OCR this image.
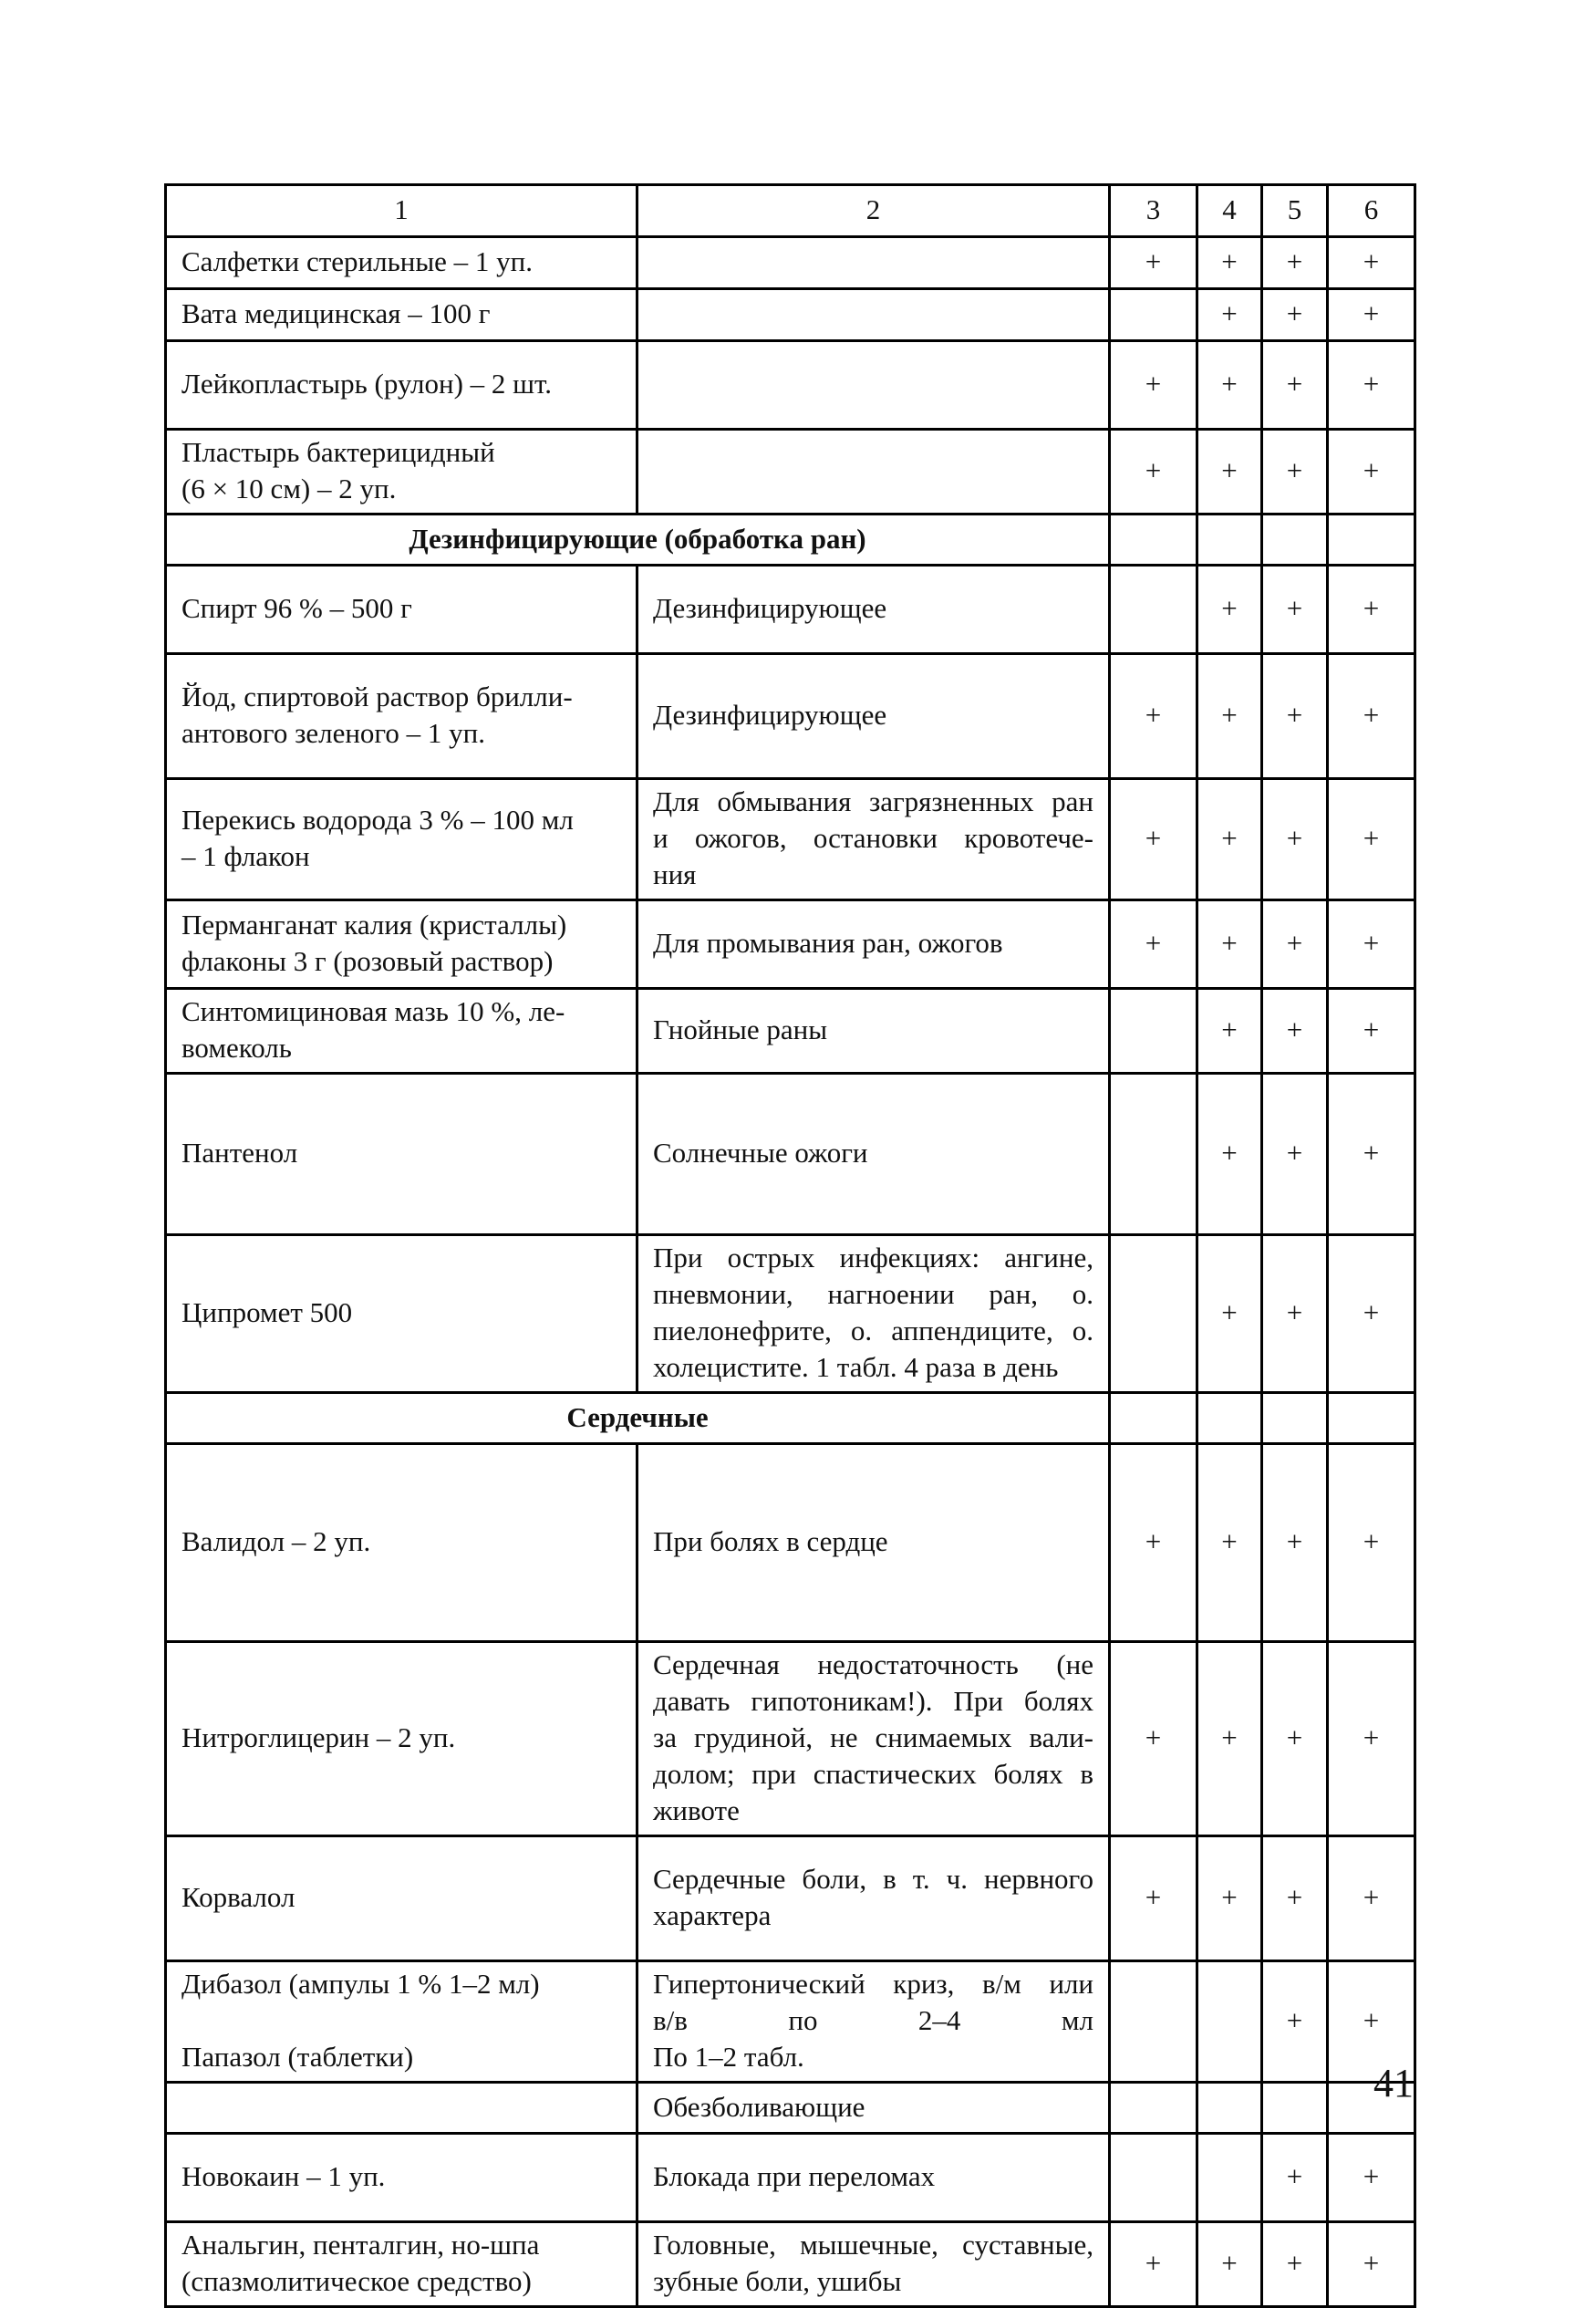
1	2	3	4	5	6

Салфетки стерильные – 1 уп.		+	+	+	+

Вата медицинская – 100 г			+	+	+

Лейкопластырь (рулон) – 2 шт.		+	+	+	+

Пластырь бактерицидный
(6 × 10 см) – 2 уп.		+	+	+	+
Дезинфицирующие (обработка ран)					

Спирт 96 % – 500 г	Дезинфицирующее		+	+	+

Йод, спиртовой раствор брилли-
антового зеленого – 1 уп.	Дезинфицирующее	+	+	+	+

Перекись водорода 3 % – 100 мл
– 1 флакон	Для обмывания загрязненных ран
и ожогов, остановки кровотече-
ния	+	+	+	+

Перманганат калия (кристаллы)
флаконы 3 г (розовый раствор)	Для промывания ран, ожогов	+	+	+	+

Синтомициновая мазь 10 %, ле-
вомеколь	Гнойные раны		+	+	+

Пантенол	Солнечные ожоги		+	+	+

Ципромет 500	При острых инфекциях: ангине,
пневмонии, нагноении ран, о.
пиелонефрите, о. аппендиците, о.
холецистите. 1 табл. 4 раза в день		+	+	+
Сердечные					

Валидол – 2 уп.	При болях в сердце	+	+	+	+

Нитроглицерин – 2 уп.	Сердечная недостаточность (не
давать гипотоникам!). При болях
за грудиной, не снимаемых вали-
долом; при спастических болях в
животе	+	+	+	+

Корвалол	Сердечные боли, в т. ч. нервного
характера	+	+	+	+

Дибазол (ампулы 1 % 1–2 мл)
Папазол (таблетки)	Гипертонический криз, в/м или
в/в по 2–4 мл
По 1–2 табл.			+	+

	Обезболивающие				

Новокаин – 1 уп.	Блокада при переломах			+	+

Анальгин, пенталгин, но-шпа
(спазмолитическое средство)	Головные, мышечные, суставные,
зубные боли, ушибы	+	+	+	+
41
